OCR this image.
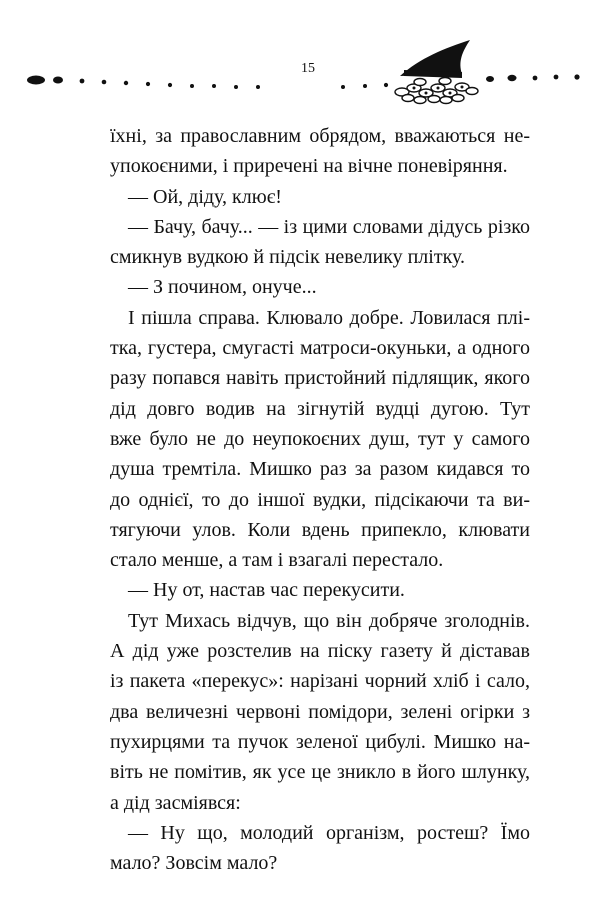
15
їхні, за православним обрядом, вважаються не-
упокоєними, і приречені на вічне поневіряння.
— Ой, діду, клює!
— Бачу, бачу... — із цими словами дідусь різко
смикнув вудкою й підсік невелику плітку.
— З почином, онуче...
І пішла справа. Клювало добре. Ловилася плі-
тка, густера, смугасті матроси-окуньки, а одного
разу попався навіть пристойний підлящик, якого
дід довго водив на зігнутій вудці дугою. Тут
вже було не до неупокоєних душ, тут у самого
душа тремтіла. Мишко раз за разом кидався то
до однієї, то до іншої вудки, підсікаючи та ви-
тягуючи улов. Коли вдень припекло, клювати
стало менше, а там і взагалі перестало.
— Ну от, настав час перекусити.
Тут Михась відчув, що він добряче зголоднів.
А дід уже розстелив на піску газету й діставав
із пакета «перекус»: нарізані чорний хліб і сало,
два величезні червоні помідори, зелені огірки з
пухирцями та пучок зеленої цибулі. Мишко на-
віть не помітив, як усе це зникло в його шлунку,
а дід засміявся:
— Ну що, молодий організм, ростеш? Їмо
мало? Зовсім мало?
